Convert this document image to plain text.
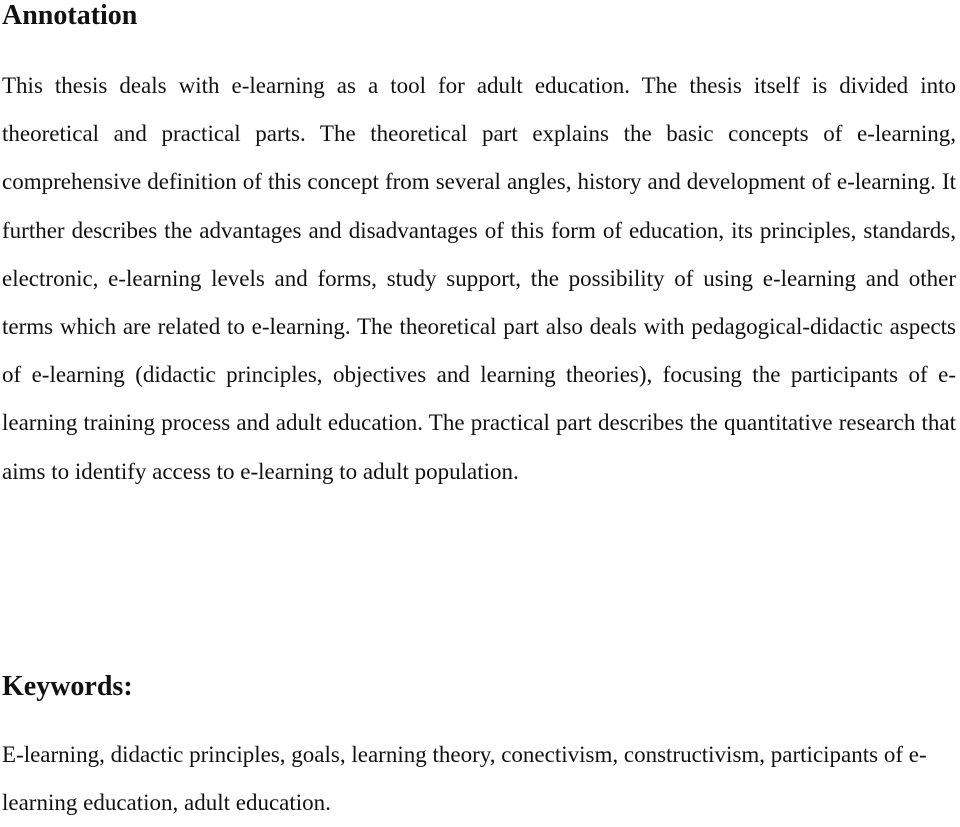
Annotation

This thesis deals with e-learning as a tool for adult education. The thesis itself is divided into theoretical and practical parts. The theoretical part explains the basic concepts of e-learning, comprehensive definition of this concept from several angles, history and development of e-learning. It further describes the advantages and disadvantages of this form of education, its principles, standards, electronic, e-learning levels and forms, study support, the possibility of using e-learning and other terms which are related to e-learning. The theoretical part also deals with pedagogical-didactic aspects of e-learning (didactic principles, objectives and learning theories), focusing the participants of e-learning training process and adult education. The practical part describes the quantitative research that aims to identify access to e-learning to adult population.

Keywords:

E-learning, didactic principles, goals, learning theory, conectivism, constructivism, participants of e-learning education, adult education.
